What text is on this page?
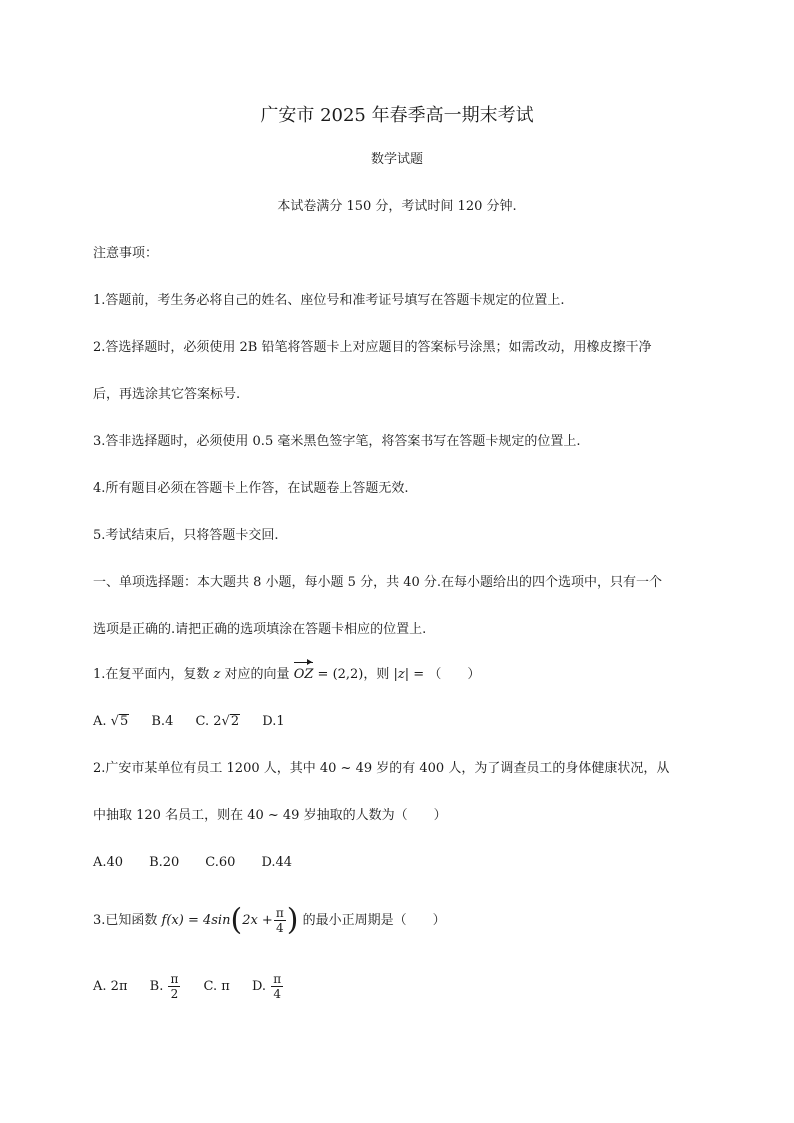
广安市 2025 年春季高一期末考试
数学试题
本试卷满分 150 分，考试时间 120 分钟.
注意事项：
1.答题前，考生务必将自己的姓名、座位号和准考证号填写在答题卡规定的位置上.
2.答选择题时，必须使用 2B 铅笔将答题卡上对应题目的答案标号涂黑；如需改动，用橡皮擦干净
后，再选涂其它答案标号.
3.答非选择题时，必须使用 0.5 毫米黑色签字笔，将答案书写在答题卡规定的位置上.
4.所有题目必须在答题卡上作答，在试题卷上答题无效.
5.考试结束后，只将答题卡交回.
一、单项选择题：本大题共 8 小题，每小题 5 分，共 40 分.在每小题给出的四个选项中，只有一个
选项是正确的.请把正确的选项填涂在答题卡相应的位置上.
1.在复平面内，复数 z 对应的向量 OZ = (2,2)，则 |z| = （　　）
A. √5 B.4 C. 2√2 D.1
2.广安市某单位有员工 1200 人，其中 40 ~ 49 岁的有 400 人，为了调查员工的身体健康状况，从
中抽取 120 名员工，则在 40 ~ 49 岁抽取的人数为（　　）
A.40　　B.20　　C.60　　D.44
3.已知函数 $f(x) = 4\sin(2x + \frac{\pi}{4}$ ) 的最小正周期是（　　）
A. 2π B. $\frac{\pi}{2} C$. π D. $\frac{\pi}{4}$
